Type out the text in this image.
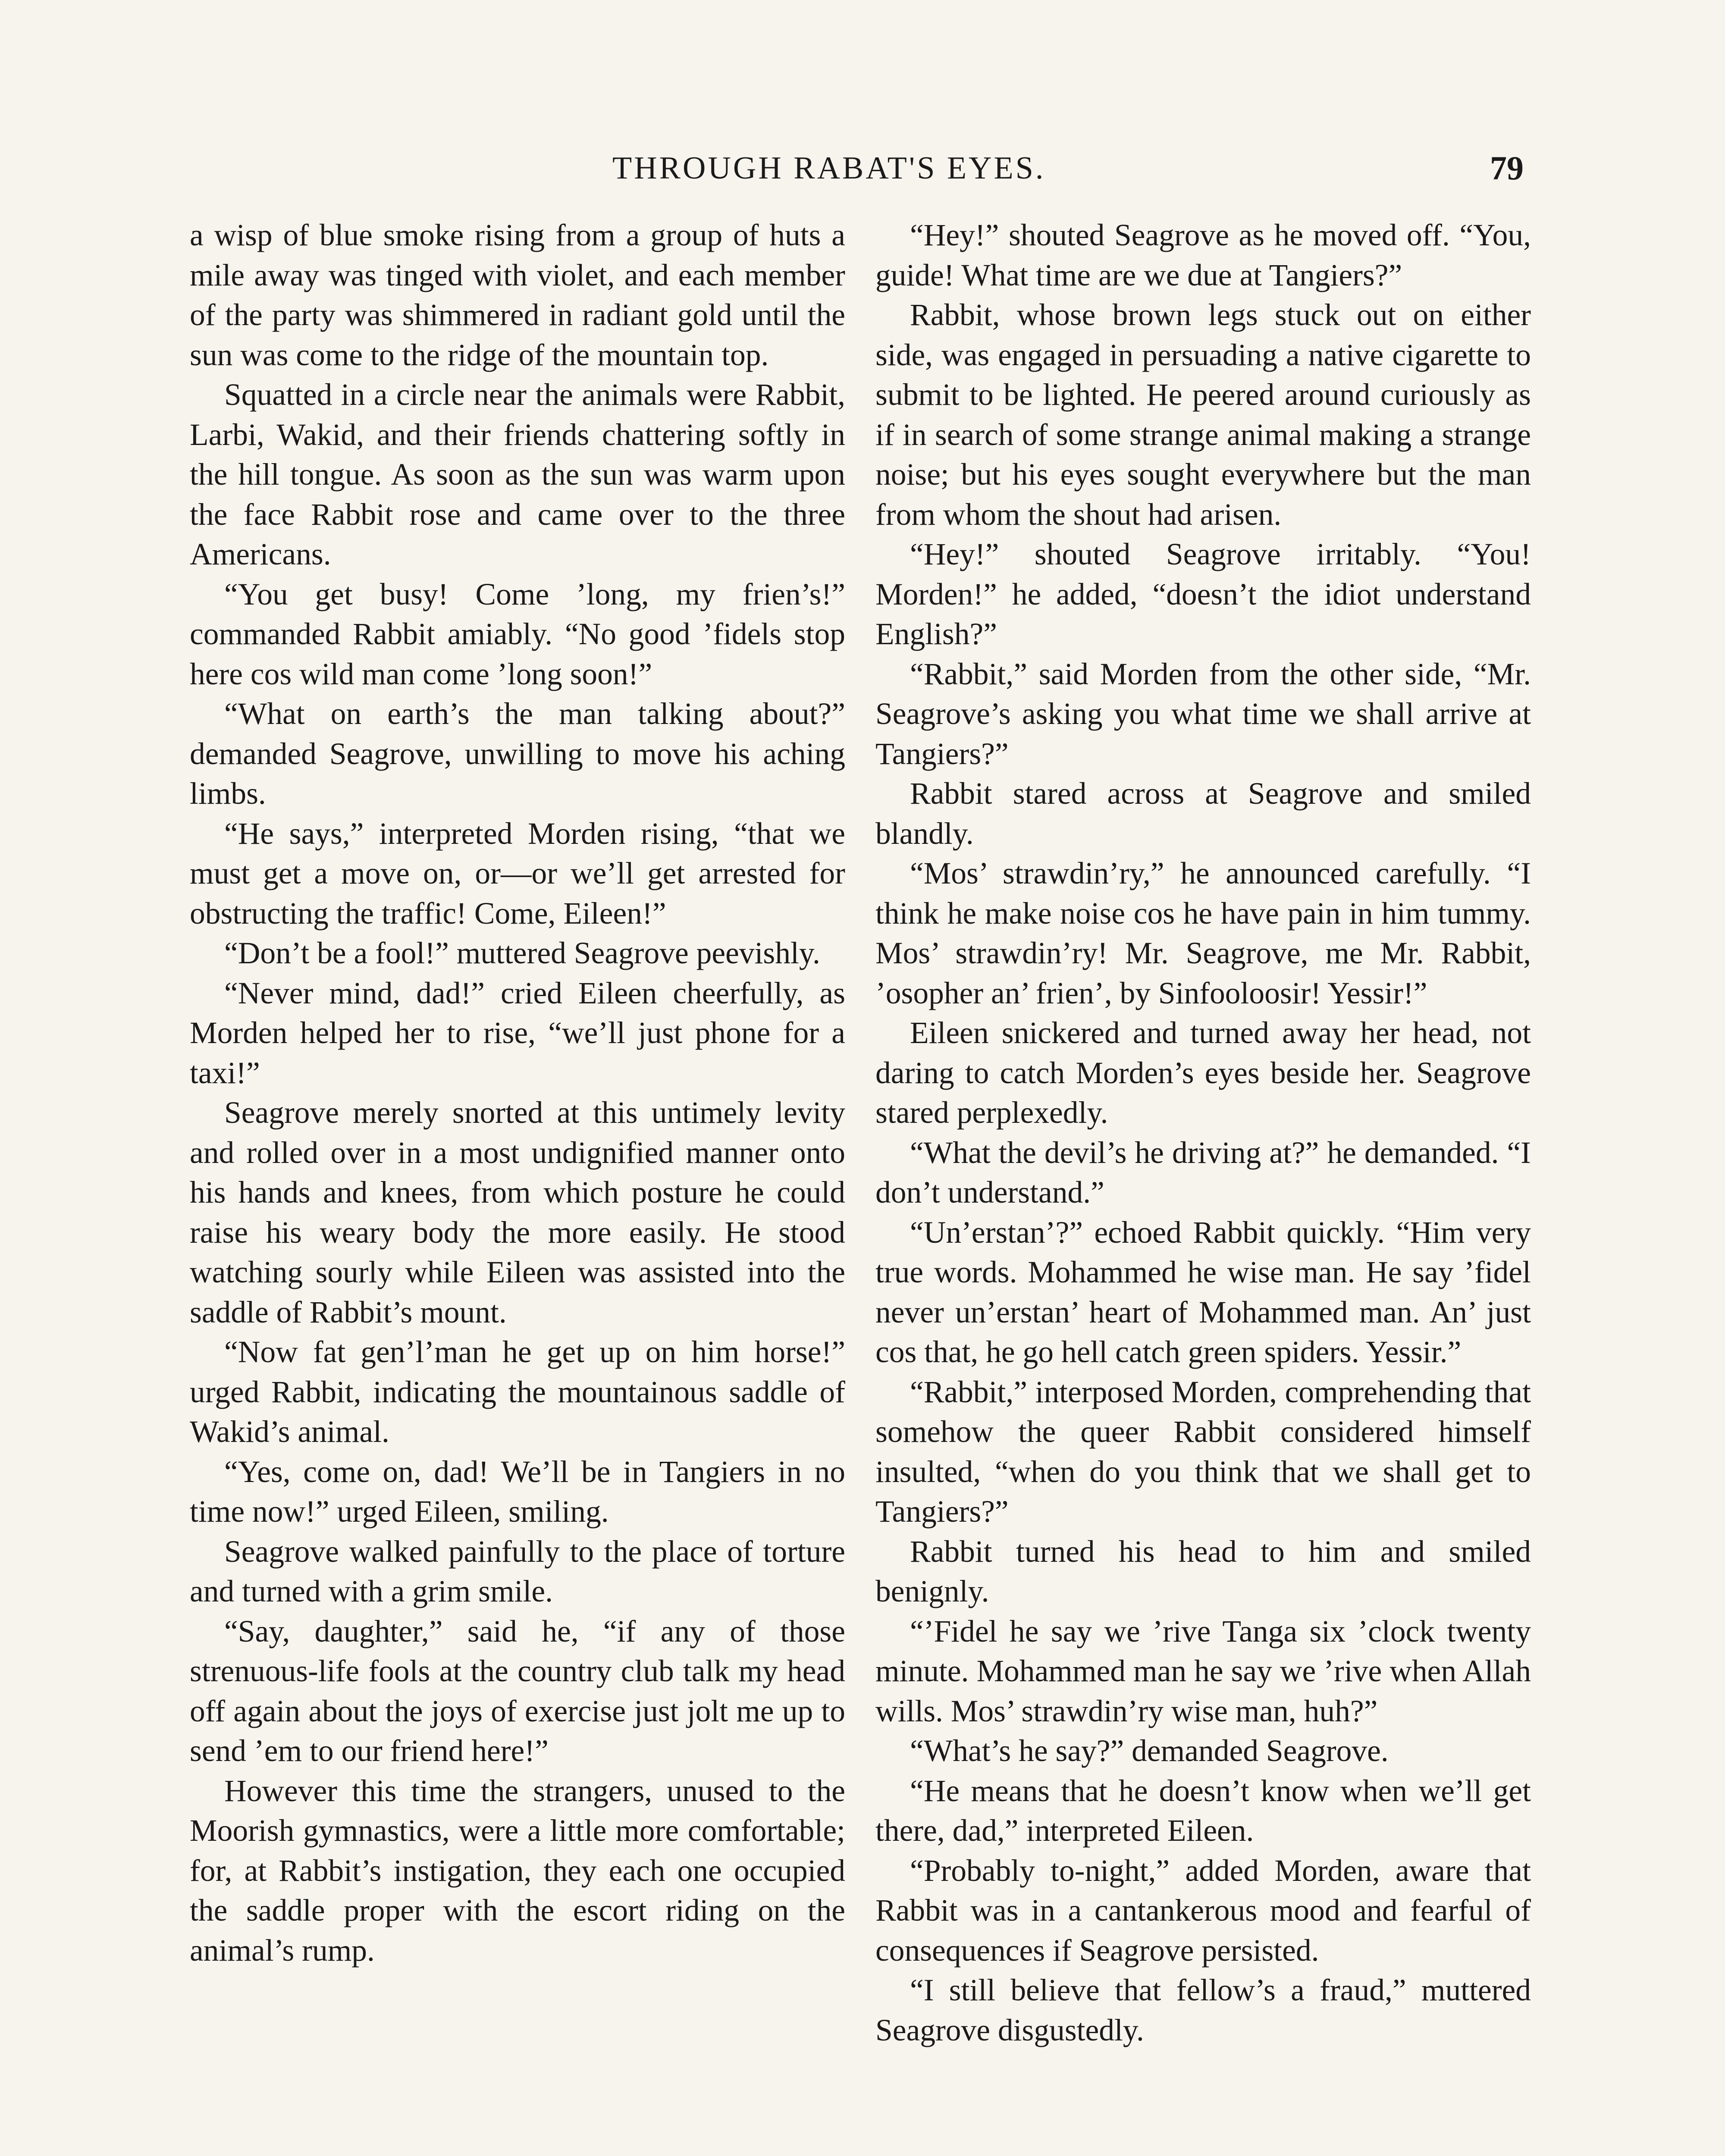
THROUGH RABAT'S EYES.	79

a wisp of blue smoke rising from a group of huts a mile away was tinged with violet, and each member of the party was shimmered in radiant gold until the sun was come to the ridge of the mountain top.

Squatted in a circle near the animals were Rabbit, Larbi, Wakid, and their friends chattering softly in the hill tongue. As soon as the sun was warm upon the face Rabbit rose and came over to the three Americans.

“You get busy! Come ’long, my frien’s!” commanded Rabbit amiably. “No good ’fidels stop here cos wild man come ’long soon!”

“What on earth’s the man talking about?” demanded Seagrove, unwilling to move his aching limbs.

“He says,” interpreted Morden rising, “that we must get a move on, or—or we’ll get arrested for obstructing the traffic! Come, Eileen!”

“Don’t be a fool!” muttered Seagrove peevishly.

“Never mind, dad!” cried Eileen cheerfully, as Morden helped her to rise, “we’ll just phone for a taxi!”

Seagrove merely snorted at this untimely levity and rolled over in a most undignified manner onto his hands and knees, from which posture he could raise his weary body the more easily. He stood watching sourly while Eileen was assisted into the saddle of Rabbit’s mount.

“Now fat gen’l’man he get up on him horse!” urged Rabbit, indicating the mountainous saddle of Wakid’s animal.

“Yes, come on, dad! We’ll be in Tangiers in no time now!” urged Eileen, smiling.

Seagrove walked painfully to the place of torture and turned with a grim smile.

“Say, daughter,” said he, “if any of those strenuous-life fools at the country club talk my head off again about the joys of exercise just jolt me up to send ’em to our friend here!”

However this time the strangers, unused to the Moorish gymnastics, were a little more comfortable; for, at Rabbit’s instigation, they each one occupied the saddle proper with the escort riding on the animal’s rump.

“Hey!” shouted Seagrove as he moved off. “You, guide! What time are we due at Tangiers?”

Rabbit, whose brown legs stuck out on either side, was engaged in persuading a native cigarette to submit to be lighted. He peered around curiously as if in search of some strange animal making a strange noise; but his eyes sought everywhere but the man from whom the shout had arisen.

“Hey!” shouted Seagrove irritably. “You! Morden!” he added, “doesn’t the idiot understand English?”

“Rabbit,” said Morden from the other side, “Mr. Seagrove’s asking you what time we shall arrive at Tangiers?”

Rabbit stared across at Seagrove and smiled blandly.

“Mos’ strawdin’ry,” he announced carefully. “I think he make noise cos he have pain in him tummy. Mos’ strawdin’ry! Mr. Seagrove, me Mr. Rabbit, ’osopher an’ frien’, by Sinfooloosir! Yessir!”

Eileen snickered and turned away her head, not daring to catch Morden’s eyes beside her. Seagrove stared perplexedly.

“What the devil’s he driving at?” he demanded. “I don’t understand.”

“Un’erstan’?” echoed Rabbit quickly. “Him very true words. Mohammed he wise man. He say ’fidel never un’erstan’ heart of Mohammed man. An’ just cos that, he go hell catch green spiders. Yessir.”

“Rabbit,” interposed Morden, comprehending that somehow the queer Rabbit considered himself insulted, “when do you think that we shall get to Tangiers?”

Rabbit turned his head to him and smiled benignly.

“’Fidel he say we ’rive Tanga six ’clock twenty minute. Mohammed man he say we ’rive when Allah wills. Mos’ strawdin’ry wise man, huh?”

“What’s he say?” demanded Seagrove.

“He means that he doesn’t know when we’ll get there, dad,” interpreted Eileen.

“Probably to-night,” added Morden, aware that Rabbit was in a cantankerous mood and fearful of consequences if Seagrove persisted.

“I still believe that fellow’s a fraud,” muttered Seagrove disgustedly.
